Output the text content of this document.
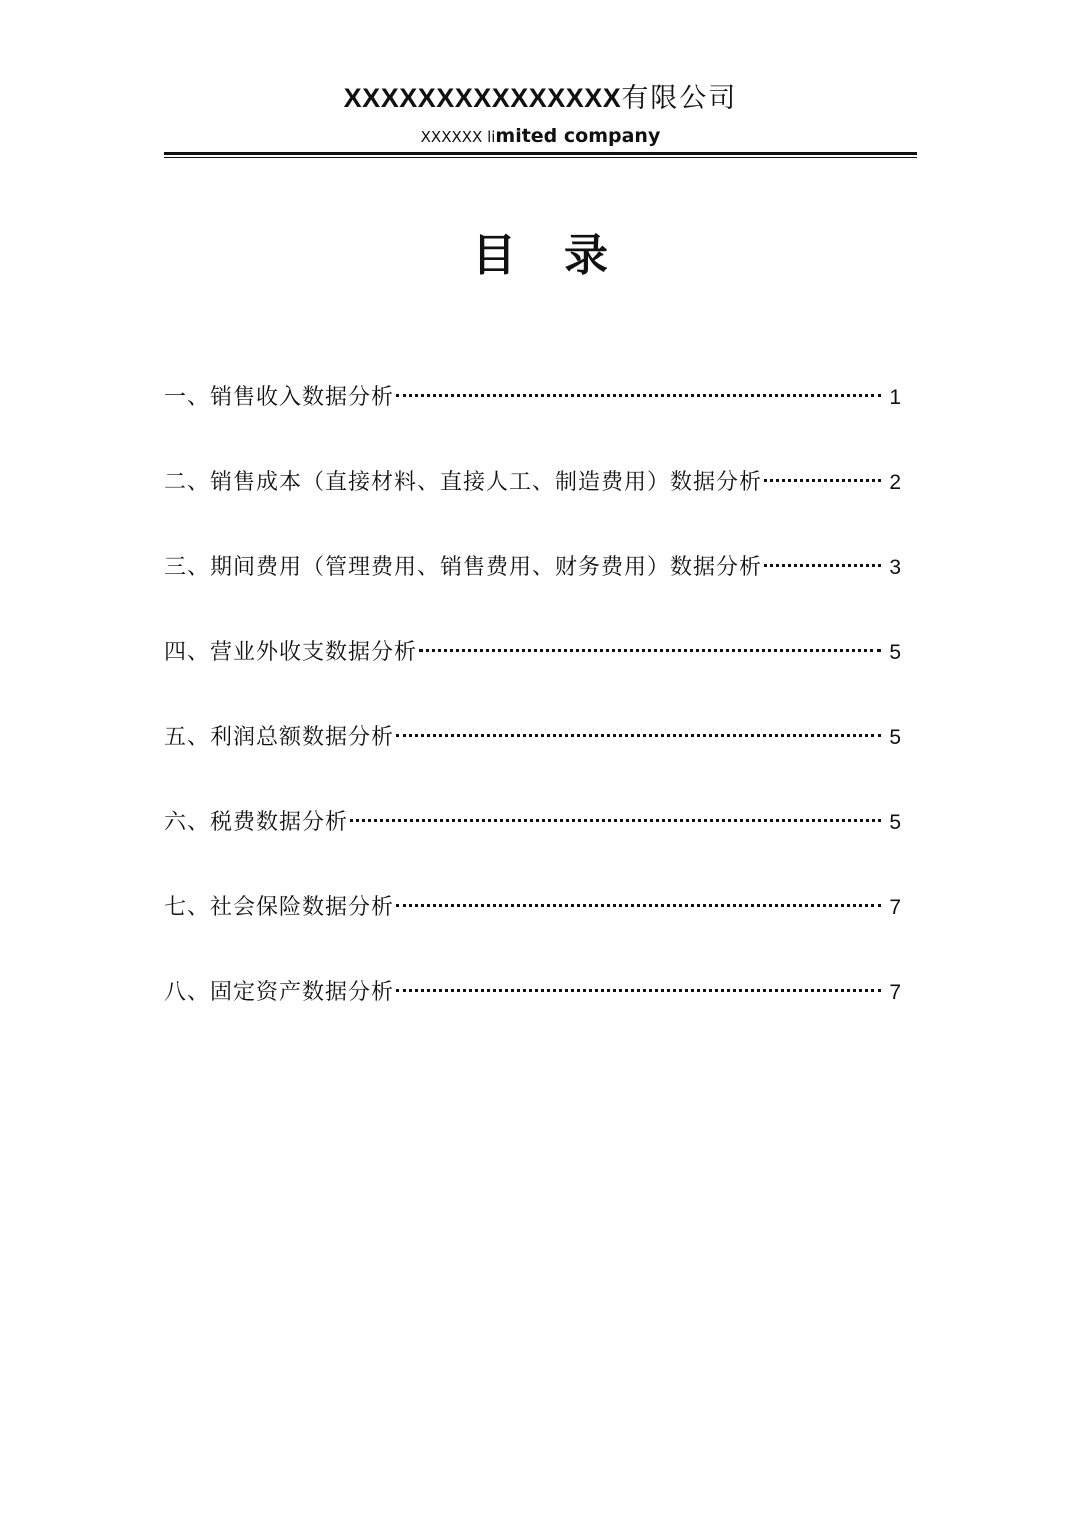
XXXXXXXXXXXXXXX有限公司
XXXXXX limited company
目录
一、销售收入数据分析	1
二、销售成本（直接材料、直接人工、制造费用）数据分析	2
三、期间费用（管理费用、销售费用、财务费用）数据分析	3
四、营业外收支数据分析	5
五、利润总额数据分析	5
六、税费数据分析	5
七、社会保险数据分析	7
八、固定资产数据分析	7
